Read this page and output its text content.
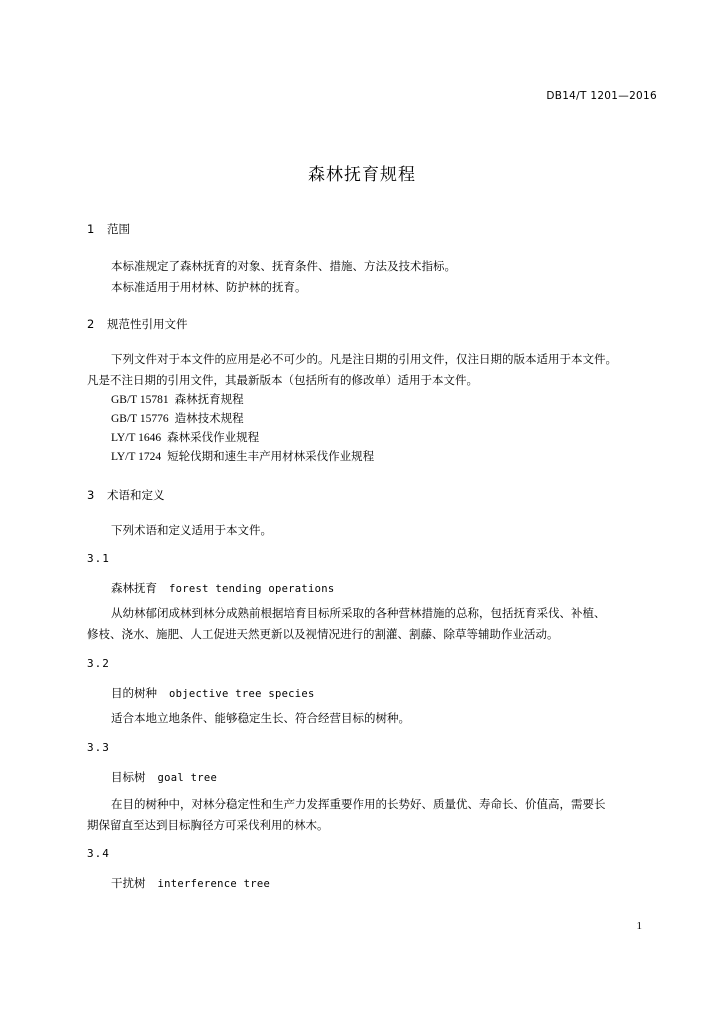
DB14/T 1201—2016
森林抚育规程
1 范围
本标准规定了森林抚育的对象、抚育条件、措施、方法及技术指标。
本标准适用于用材林、防护林的抚育。
2 规范性引用文件
下列文件对于本文件的应用是必不可少的。凡是注日期的引用文件，仅注日期的版本适用于本文件。
凡是不注日期的引用文件，其最新版本（包括所有的修改单）适用于本文件。
GB/T 15781 森林抚育规程
GB/T 15776 造林技术规程
LY/T 1646 森林采伐作业规程
LY/T 1724 短轮伐期和速生丰产用材林采伐作业规程
3 术语和定义
下列术语和定义适用于本文件。
3.1
森林抚育 forest tending operations
从幼林郁闭成林到林分成熟前根据培育目标所采取的各种营林措施的总称，包括抚育采伐、补植、
修枝、浇水、施肥、人工促进天然更新以及视情况进行的割灌、割藤、除草等辅助作业活动。
3.2
目的树种 objective tree species
适合本地立地条件、能够稳定生长、符合经营目标的树种。
3.3
目标树 goal tree
在目的树种中，对林分稳定性和生产力发挥重要作用的长势好、质量优、寿命长、价值高，需要长
期保留直至达到目标胸径方可采伐利用的林木。
3.4
干扰树 interference tree
1
